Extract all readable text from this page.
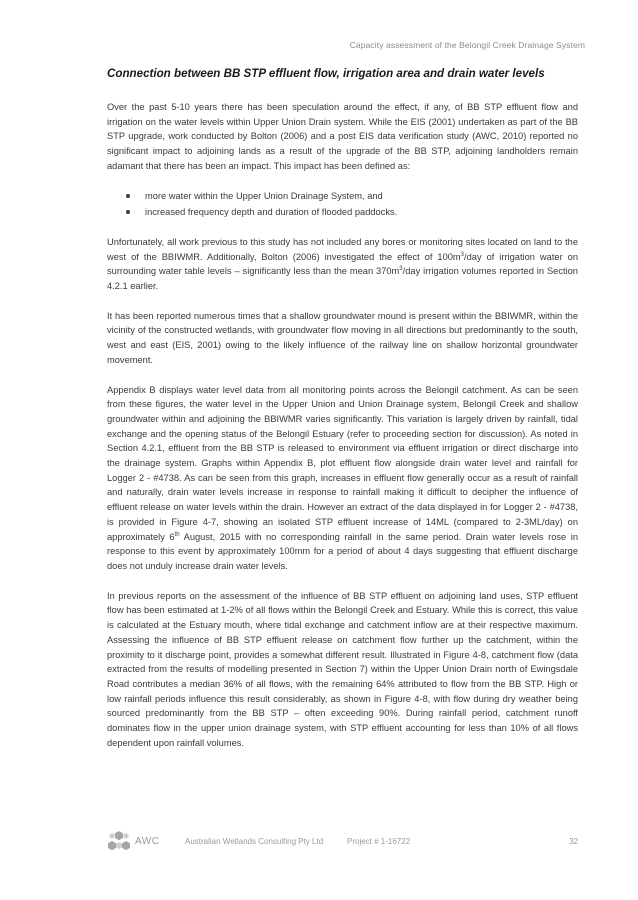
Capacity assessment of the Belongil Creek Drainage System
Connection between BB STP effluent flow, irrigation area and drain water levels

Over the past 5-10 years there has been speculation around the effect, if any, of BB STP effluent flow and irrigation on the water levels within Upper Union Drain system. While the EIS (2001) undertaken as part of the BB STP upgrade, work conducted by Bolton (2006) and a post EIS data verification study (AWC, 2010) reported no significant impact to adjoining lands as a result of the upgrade of the BB STP, adjoining landholders remain adamant that there has been an impact. This impact has been defined as:

more water within the Upper Union Drainage System, and
increased frequency depth and duration of flooded paddocks.

Unfortunately, all work previous to this study has not included any bores or monitoring sites located on land to the west of the BBIWMR. Additionally, Bolton (2006) investigated the effect of $100m^3$/day of irrigation water on surrounding water table levels – significantly less than the mean $370m^3$/day irrigation volumes reported in Section 4.2.1 earlier.

It has been reported numerous times that a shallow groundwater mound is present within the BBIWMR, within the vicinity of the constructed wetlands, with groundwater flow moving in all directions but predominantly to the south, west and east (EIS, 2001) owing to the likely influence of the railway line on shallow horizontal groundwater movement.

Appendix B displays water level data from all monitoring points across the Belongil catchment. As can be seen from these figures, the water level in the Upper Union and Union Drainage system, Belongil Creek and shallow groundwater within and adjoining the BBIWMR varies significantly. This variation is largely driven by rainfall, tidal exchange and the opening status of the Belongil Estuary (refer to proceeding section for discussion). As noted in Section 4.2.1, effluent from the BB STP is released to environment via effluent irrigation or direct discharge into the drainage system. Graphs within Appendix B, plot effluent flow alongside drain water level and rainfall for Logger 2 - #4738. As can be seen from this graph, increases in effluent flow generally occur as a result of rainfall and naturally, drain water levels increase in response to rainfall making it difficult to decipher the influence of effluent release on water levels within the drain. However an extract of the data displayed in for Logger 2 - #4738, is provided in Figure 4-7, showing an isolated STP effluent increase of 14ML (compared to 2-3ML/day) on approximately 6th August, 2015 with no corresponding rainfall in the same period. Drain water levels rose in response to this event by approximately 100mm for a period of about 4 days suggesting that effluent discharge does not unduly increase drain water levels.

In previous reports on the assessment of the influence of BB STP effluent on adjoining land uses, STP effluent flow has been estimated at 1-2% of all flows within the Belongil Creek and Estuary. While this is correct, this value is calculated at the Estuary mouth, where tidal exchange and catchment inflow are at their respective maximum. Assessing the influence of BB STP effluent release on catchment flow further up the catchment, within the proximity to it discharge point, provides a somewhat different result. Illustrated in Figure 4-8, catchment flow (data extracted from the results of modelling presented in Section 7) within the Upper Union Drain north of Ewingsdale Road contributes a median 36% of all flows, with the remaining 64% attributed to flow from the BB STP. High or low rainfall periods influence this result considerably, as shown in Figure 4-8, with flow during dry weather being sourced predominantly from the BB STP – often exceeding 90%. During rainfall period, catchment runoff dominates flow in the upper union drainage system, with STP effluent accounting for less than 10% of all flows dependent upon rainfall volumes.

AWC	Australian Wetlands Consulting Pty Ltd	Project # 1-16722	32
